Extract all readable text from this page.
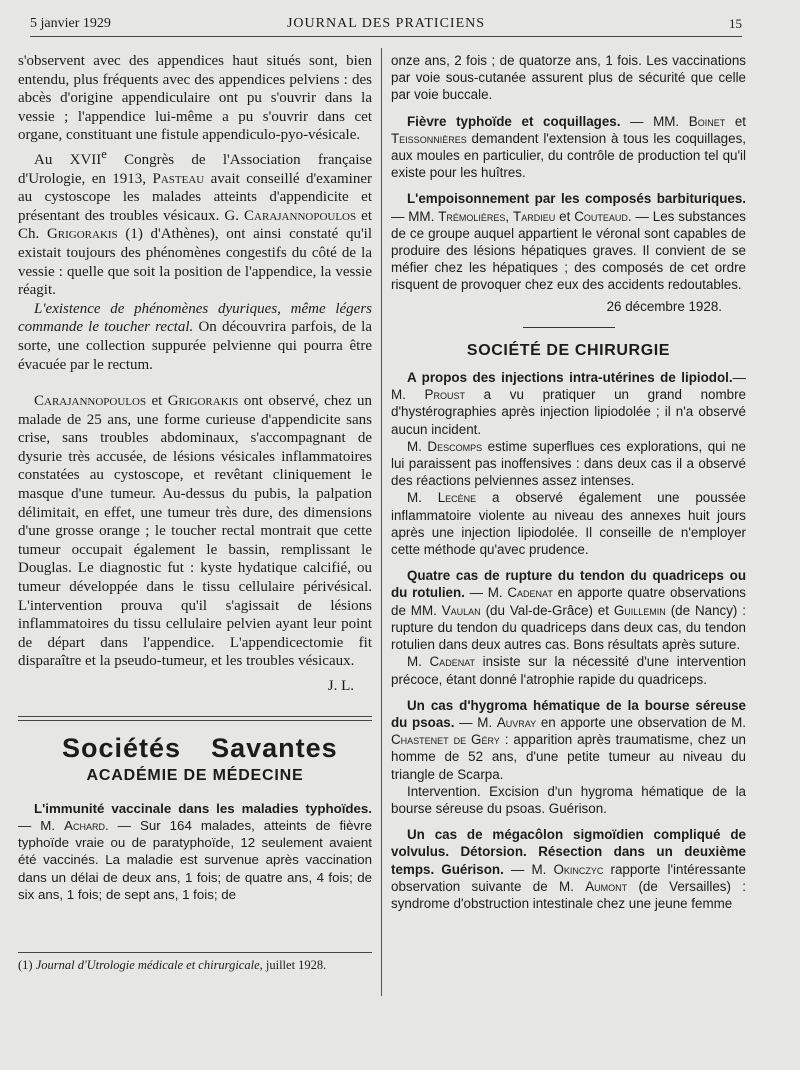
5 janvier 1929	JOURNAL DES PRATICIENS	15

s'observent avec des appendices haut situés sont, bien entendu, plus fréquents avec des appendices pelviens : des abcès d'origine appendiculaire ont pu s'ouvrir dans la vessie ; l'appendice lui-même a pu s'ouvrir dans cet organe, constituant une fistule appendiculo-pyo-vésicale.

Au XVIIe Congrès de l'Association française d'Urologie, en 1913, Pasteau avait conseillé d'examiner au cystoscope les malades atteints d'appendicite et présentant des troubles vésicaux. G. Carajannopoulos et Ch. Grigorakis (1) d'Athènes), ont ainsi constaté qu'il existait toujours des phénomènes congestifs du côté de la vessie : quelle que soit la position de l'appendice, la vessie réagit.

L'existence de phénomènes dyuriques, même légers commande le toucher rectal. On découvrira parfois, de la sorte, une collection suppurée pelvienne qui pourra être évacuée par le rectum.

Carajannopoulos et Grigorakis ont observé, chez un malade de 25 ans, une forme curieuse d'appendicite sans crise, sans troubles abdominaux, s'accompagnant de dysurie très accusée, de lésions vésicales inflammatoires constatées au cystoscope, et revêtant cliniquement le masque d'une tumeur. Au-dessus du pubis, la palpation délimitait, en effet, une tumeur très dure, des dimensions d'une grosse orange ; le toucher rectal montrait que cette tumeur occupait également le bassin, remplissant le Douglas. Le diagnostic fut : kyste hydatique calcifié, ou tumeur développée dans le tissu cellulaire périvésical. L'intervention prouva qu'il s'agissait de lésions inflammatoires du tissu cellulaire pelvien ayant leur point de départ dans l'appendice. L'appendicectomie fit disparaître et la pseudo-tumeur, et les troubles vésicaux.

J. L.

Sociétés Savantes
ACADÉMIE DE MÉDECINE

L'immunité vaccinale dans les maladies typhoïdes. — M. Achard. — Sur 164 malades, atteints de fièvre typhoïde vraie ou de paratyphoïde, 12 seulement avaient été vaccinés. La maladie est survenue après vaccination dans un délai de deux ans, 1 fois; de quatre ans, 4 fois; de six ans, 1 fois; de sept ans, 1 fois; de

(1) Journal d'Utrologie médicale et chirurgicale, juillet 1928.

onze ans, 2 fois ; de quatorze ans, 1 fois. Les vaccinations par voie sous-cutanée assurent plus de sécurité que celle par voie buccale.

Fièvre typhoïde et coquillages. — MM. Boinet et Teissonnières demandent l'extension à tous les coquillages, aux moules en particulier, du contrôle de production tel qu'il existe pour les huîtres.

L'empoisonnement par les composés barbituriques. — MM. Trémolières, Tardieu et Couteaud. — Les substances de ce groupe auquel appartient le véronal sont capables de produire des lésions hépatiques graves. Il convient de se méfier chez les hépatiques ; des composés de cet ordre risquent de provoquer chez eux des accidents redoutables.

26 décembre 1928.

SOCIÉTÉ DE CHIRURGIE

A propos des injections intra-utérines de lipiodol.— M. Proust a vu pratiquer un grand nombre d'hystérographies après injection lipiodolée ; il n'a observé aucun incident.

M. Descomps estime superflues ces explorations, qui ne lui paraissent pas inoffensives : dans deux cas il a observé des réactions pelviennes assez intenses.

M. Lecène a observé également une poussée inflammatoire violente au niveau des annexes huit jours après une injection lipiodolée. Il conseille de n'employer cette méthode qu'avec prudence.

Quatre cas de rupture du tendon du quadriceps ou du rotulien. — M. Cadenat en apporte quatre observations de MM. Vaulan (du Val-de-Grâce) et Guillemin (de Nancy) : rupture du tendon du quadriceps dans deux cas, du tendon rotulien dans deux autres cas. Bons résultats après suture.

M. Cadenat insiste sur la nécessité d'une intervention précoce, étant donné l'atrophie rapide du quadriceps.

Un cas d'hygroma hématique de la bourse séreuse du psoas. — M. Auvray en apporte une observation de M. Chastenet de Géry : apparition après traumatisme, chez un homme de 52 ans, d'une petite tumeur au niveau du triangle de Scarpa.

Intervention. Excision d'un hygroma hématique de la bourse séreuse du psoas. Guérison.

Un cas de mégacôlon sigmoïdien compliqué de volvulus. Détorsion. Résection dans un deuxième temps. Guérison. — M. Okinczyc rapporte l'intéressante observation suivante de M. Aumont (de Versailles) : syndrome d'obstruction intestinale chez une jeune femme
